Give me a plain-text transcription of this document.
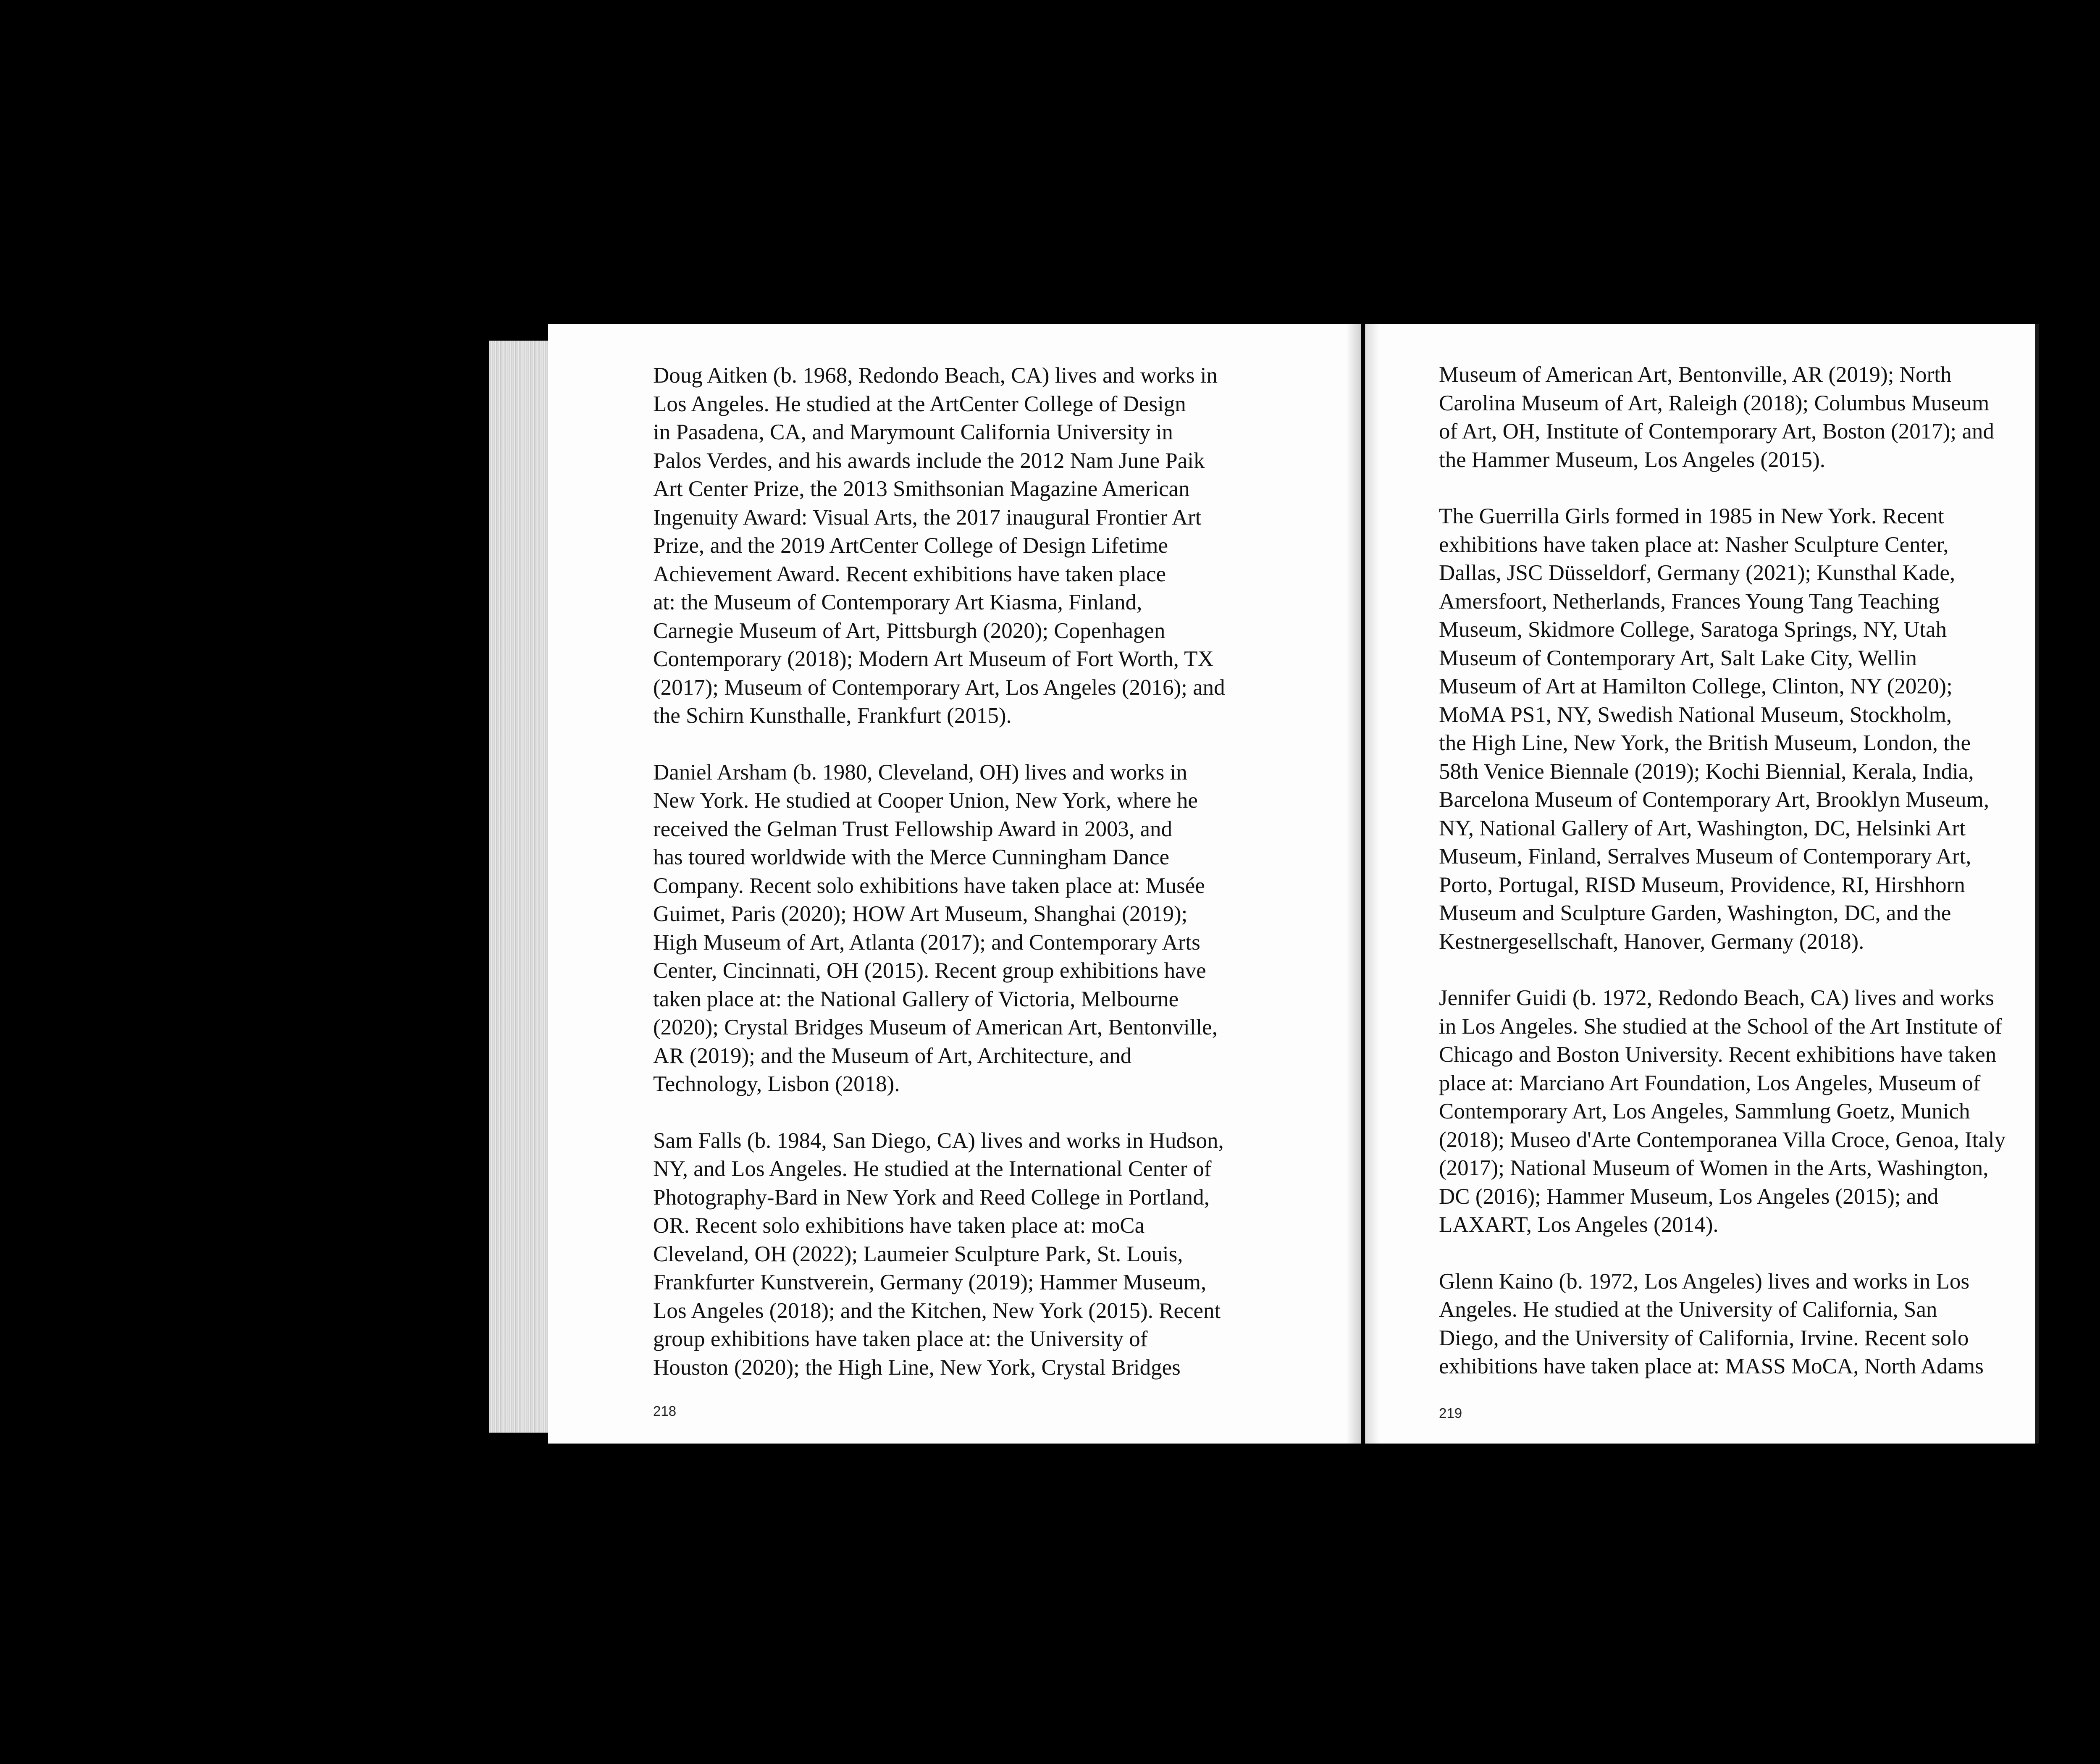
Doug Aitken (b. 1968, Redondo Beach, CA) lives and works in
Los Angeles. He studied at the ArtCenter College of Design
in Pasadena, CA, and Marymount California University in
Palos Verdes, and his awards include the 2012 Nam June Paik
Art Center Prize, the 2013 Smithsonian Magazine American
Ingenuity Award: Visual Arts, the 2017 inaugural Frontier Art
Prize, and the 2019 ArtCenter College of Design Lifetime
Achievement Award. Recent exhibitions have taken place
at: the Museum of Contemporary Art Kiasma, Finland,
Carnegie Museum of Art, Pittsburgh (2020); Copenhagen
Contemporary (2018); Modern Art Museum of Fort Worth, TX
(2017); Museum of Contemporary Art, Los Angeles (2016); and
the Schirn Kunsthalle, Frankfurt (2015).

Daniel Arsham (b. 1980, Cleveland, OH) lives and works in
New York. He studied at Cooper Union, New York, where he
received the Gelman Trust Fellowship Award in 2003, and
has toured worldwide with the Merce Cunningham Dance
Company. Recent solo exhibitions have taken place at: Musée
Guimet, Paris (2020); HOW Art Museum, Shanghai (2019);
High Museum of Art, Atlanta (2017); and Contemporary Arts
Center, Cincinnati, OH (2015). Recent group exhibitions have
taken place at: the National Gallery of Victoria, Melbourne
(2020); Crystal Bridges Museum of American Art, Bentonville,
AR (2019); and the Museum of Art, Architecture, and
Technology, Lisbon (2018).

Sam Falls (b. 1984, San Diego, CA) lives and works in Hudson,
NY, and Los Angeles. He studied at the International Center of
Photography-Bard in New York and Reed College in Portland,
OR. Recent solo exhibitions have taken place at: moCa
Cleveland, OH (2022); Laumeier Sculpture Park, St. Louis,
Frankfurter Kunstverein, Germany (2019); Hammer Museum,
Los Angeles (2018); and the Kitchen, New York (2015). Recent
group exhibitions have taken place at: the University of
Houston (2020); the High Line, New York, Crystal Bridges

218

Museum of American Art, Bentonville, AR (2019); North
Carolina Museum of Art, Raleigh (2018); Columbus Museum
of Art, OH, Institute of Contemporary Art, Boston (2017); and
the Hammer Museum, Los Angeles (2015).

The Guerrilla Girls formed in 1985 in New York. Recent
exhibitions have taken place at: Nasher Sculpture Center,
Dallas, JSC Düsseldorf, Germany (2021); Kunsthal Kade,
Amersfoort, Netherlands, Frances Young Tang Teaching
Museum, Skidmore College, Saratoga Springs, NY, Utah
Museum of Contemporary Art, Salt Lake City, Wellin
Museum of Art at Hamilton College, Clinton, NY (2020);
MoMA PS1, NY, Swedish National Museum, Stockholm,
the High Line, New York, the British Museum, London, the
58th Venice Biennale (2019); Kochi Biennial, Kerala, India,
Barcelona Museum of Contemporary Art, Brooklyn Museum,
NY, National Gallery of Art, Washington, DC, Helsinki Art
Museum, Finland, Serralves Museum of Contemporary Art,
Porto, Portugal, RISD Museum, Providence, RI, Hirshhorn
Museum and Sculpture Garden, Washington, DC, and the
Kestnergesellschaft, Hanover, Germany (2018).

Jennifer Guidi (b. 1972, Redondo Beach, CA) lives and works
in Los Angeles. She studied at the School of the Art Institute of
Chicago and Boston University. Recent exhibitions have taken
place at: Marciano Art Foundation, Los Angeles, Museum of
Contemporary Art, Los Angeles, Sammlung Goetz, Munich
(2018); Museo d'Arte Contemporanea Villa Croce, Genoa, Italy
(2017); National Museum of Women in the Arts, Washington,
DC (2016); Hammer Museum, Los Angeles (2015); and
LAXART, Los Angeles (2014).

Glenn Kaino (b. 1972, Los Angeles) lives and works in Los
Angeles. He studied at the University of California, San
Diego, and the University of California, Irvine. Recent solo
exhibitions have taken place at: MASS MoCA, North Adams

219
